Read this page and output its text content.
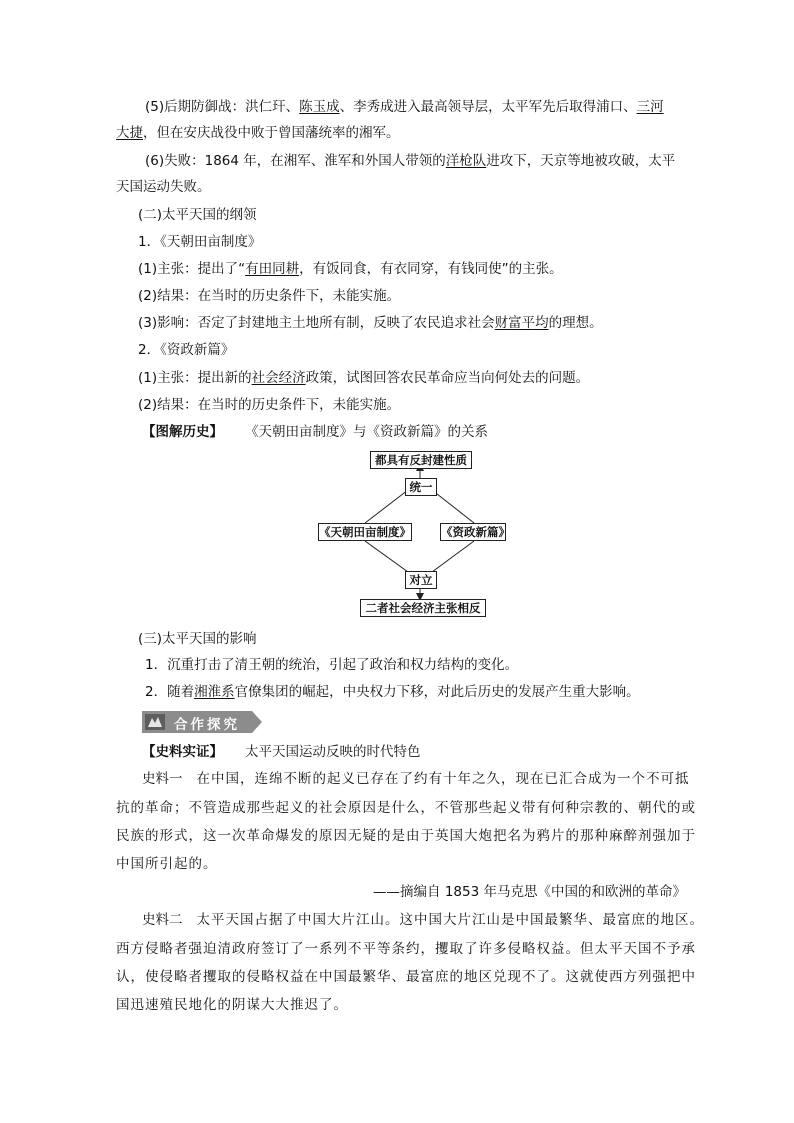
(5)后期防御战：洪仁玕、陈玉成、李秀成进入最高领导层，太平军先后取得浦口、三河
大捷，但在安庆战役中败于曾国藩统率的湘军。
(6)失败：1864 年，在湘军、淮军和外国人带领的洋枪队进攻下，天京等地被攻破，太平
天国运动失败。
(二)太平天国的纲领
1．《天朝田亩制度》
(1)主张：提出了“有田同耕，有饭同食，有衣同穿，有钱同使”的主张。
(2)结果：在当时的历史条件下，未能实施。
(3)影响：否定了封建地主土地所有制，反映了农民追求社会财富平均的理想。
2．《资政新篇》
(1)主张：提出新的社会经济政策，试图回答农民革命应当向何处去的问题。
(2)结果：在当时的历史条件下，未能实施。
【图解历史】 《天朝田亩制度》与《资政新篇》的关系
都具有反封建性质
统一
《天朝田亩制度》	《资政新篇》
对立
二者社会经济主张相反
(三)太平天国的影响
1．沉重打击了清王朝的统治，引起了政治和权力结构的变化。
2．随着湘淮系官僚集团的崛起，中央权力下移，对此后历史的发展产生重大影响。
合作探究
【史料实证】 太平天国运动反映的时代特色
史料一 在中国，连绵不断的起义已存在了约有十年之久，现在已汇合成为一个不可抵
抗的革命；不管造成那些起义的社会原因是什么，不管那些起义带有何种宗教的、朝代的或
民族的形式，这一次革命爆发的原因无疑的是由于英国大炮把名为鸦片的那种麻醉剂强加于
中国所引起的。
——摘编自 1853 年马克思《中国的和欧洲的革命》
史料二 太平天国占据了中国大片江山。这中国大片江山是中国最繁华、最富庶的地区。
西方侵略者强迫清政府签订了一系列不平等条约，攫取了许多侵略权益。但太平天国不予承
认，使侵略者攫取的侵略权益在中国最繁华、最富庶的地区兑现不了。这就使西方列强把中
国迅速殖民地化的阴谋大大推迟了。
